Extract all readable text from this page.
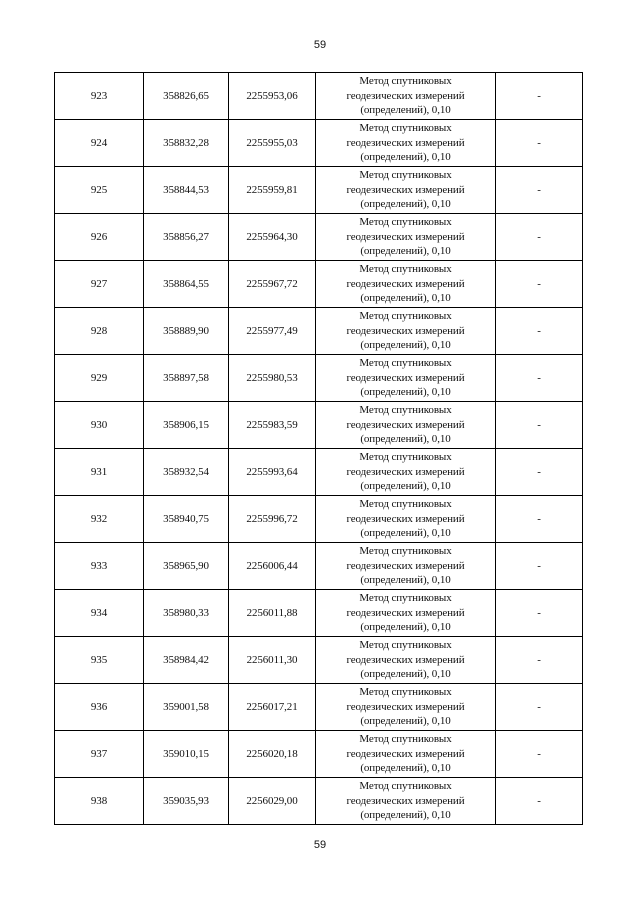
59
923	358826,65	2255953,06	Метод спутниковых
геодезических измерений
(определений), 0,10	-
924	358832,28	2255955,03	Метод спутниковых
геодезических измерений
(определений), 0,10	-
925	358844,53	2255959,81	Метод спутниковых
геодезических измерений
(определений), 0,10	-
926	358856,27	2255964,30	Метод спутниковых
геодезических измерений
(определений), 0,10	-
927	358864,55	2255967,72	Метод спутниковых
геодезических измерений
(определений), 0,10	-
928	358889,90	2255977,49	Метод спутниковых
геодезических измерений
(определений), 0,10	-
929	358897,58	2255980,53	Метод спутниковых
геодезических измерений
(определений), 0,10	-
930	358906,15	2255983,59	Метод спутниковых
геодезических измерений
(определений), 0,10	-
931	358932,54	2255993,64	Метод спутниковых
геодезических измерений
(определений), 0,10	-
932	358940,75	2255996,72	Метод спутниковых
геодезических измерений
(определений), 0,10	-
933	358965,90	2256006,44	Метод спутниковых
геодезических измерений
(определений), 0,10	-
934	358980,33	2256011,88	Метод спутниковых
геодезических измерений
(определений), 0,10	-
935	358984,42	2256011,30	Метод спутниковых
геодезических измерений
(определений), 0,10	-
936	359001,58	2256017,21	Метод спутниковых
геодезических измерений
(определений), 0,10	-
937	359010,15	2256020,18	Метод спутниковых
геодезических измерений
(определений), 0,10	-
938	359035,93	2256029,00	Метод спутниковых
геодезических измерений
(определений), 0,10	-
59
